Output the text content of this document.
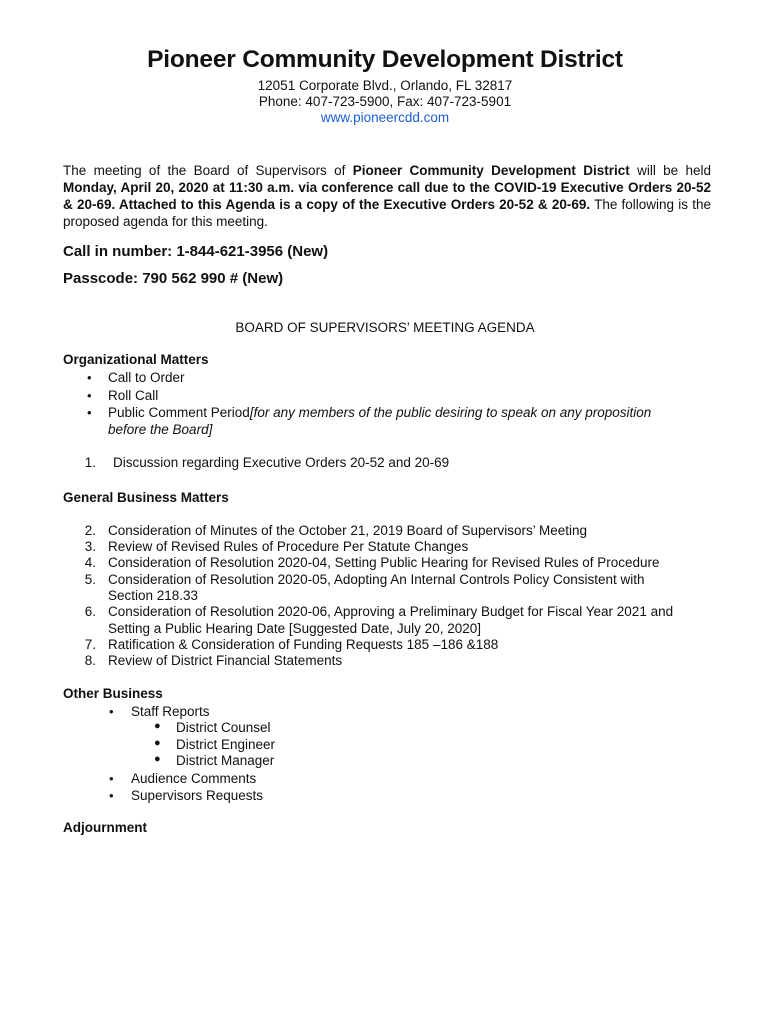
Pioneer Community Development District
12051 Corporate Blvd., Orlando, FL 32817
Phone: 407-723-5900, Fax: 407-723-5901
www.pioneercdd.com
The meeting of the Board of Supervisors of Pioneer Community Development District will be held Monday, April 20, 2020 at 11:30 a.m. via conference call due to the COVID-19 Executive Orders 20-52 & 20-69. Attached to this Agenda is a copy of the Executive Orders 20-52 & 20-69. The following is the proposed agenda for this meeting.
Call in number: 1-844-621-3956 (New)
Passcode: 790 562 990 # (New)
BOARD OF SUPERVISORS’ MEETING AGENDA
Organizational Matters
• Call to Order
• Roll Call
• Public Comment Period[for any members of the public desiring to speak on any proposition
before the Board]
1. Discussion regarding Executive Orders 20-52 and 20-69
General Business Matters
2. Consideration of Minutes of the October 21, 2019 Board of Supervisors’ Meeting
3. Review of Revised Rules of Procedure Per Statute Changes
4. Consideration of Resolution 2020-04, Setting Public Hearing for Revised Rules of Procedure
5. Consideration of Resolution 2020-05, Adopting An Internal Controls Policy Consistent with
Section 218.33
6. Consideration of Resolution 2020-06, Approving a Preliminary Budget for Fiscal Year 2021 and
Setting a Public Hearing Date [Suggested Date, July 20, 2020]
7. Ratification & Consideration of Funding Requests 185 –186 &188
8. Review of District Financial Statements
Other Business
• Staff Reports
● District Counsel
● District Engineer
● District Manager
• Audience Comments
• Supervisors Requests
Adjournment
